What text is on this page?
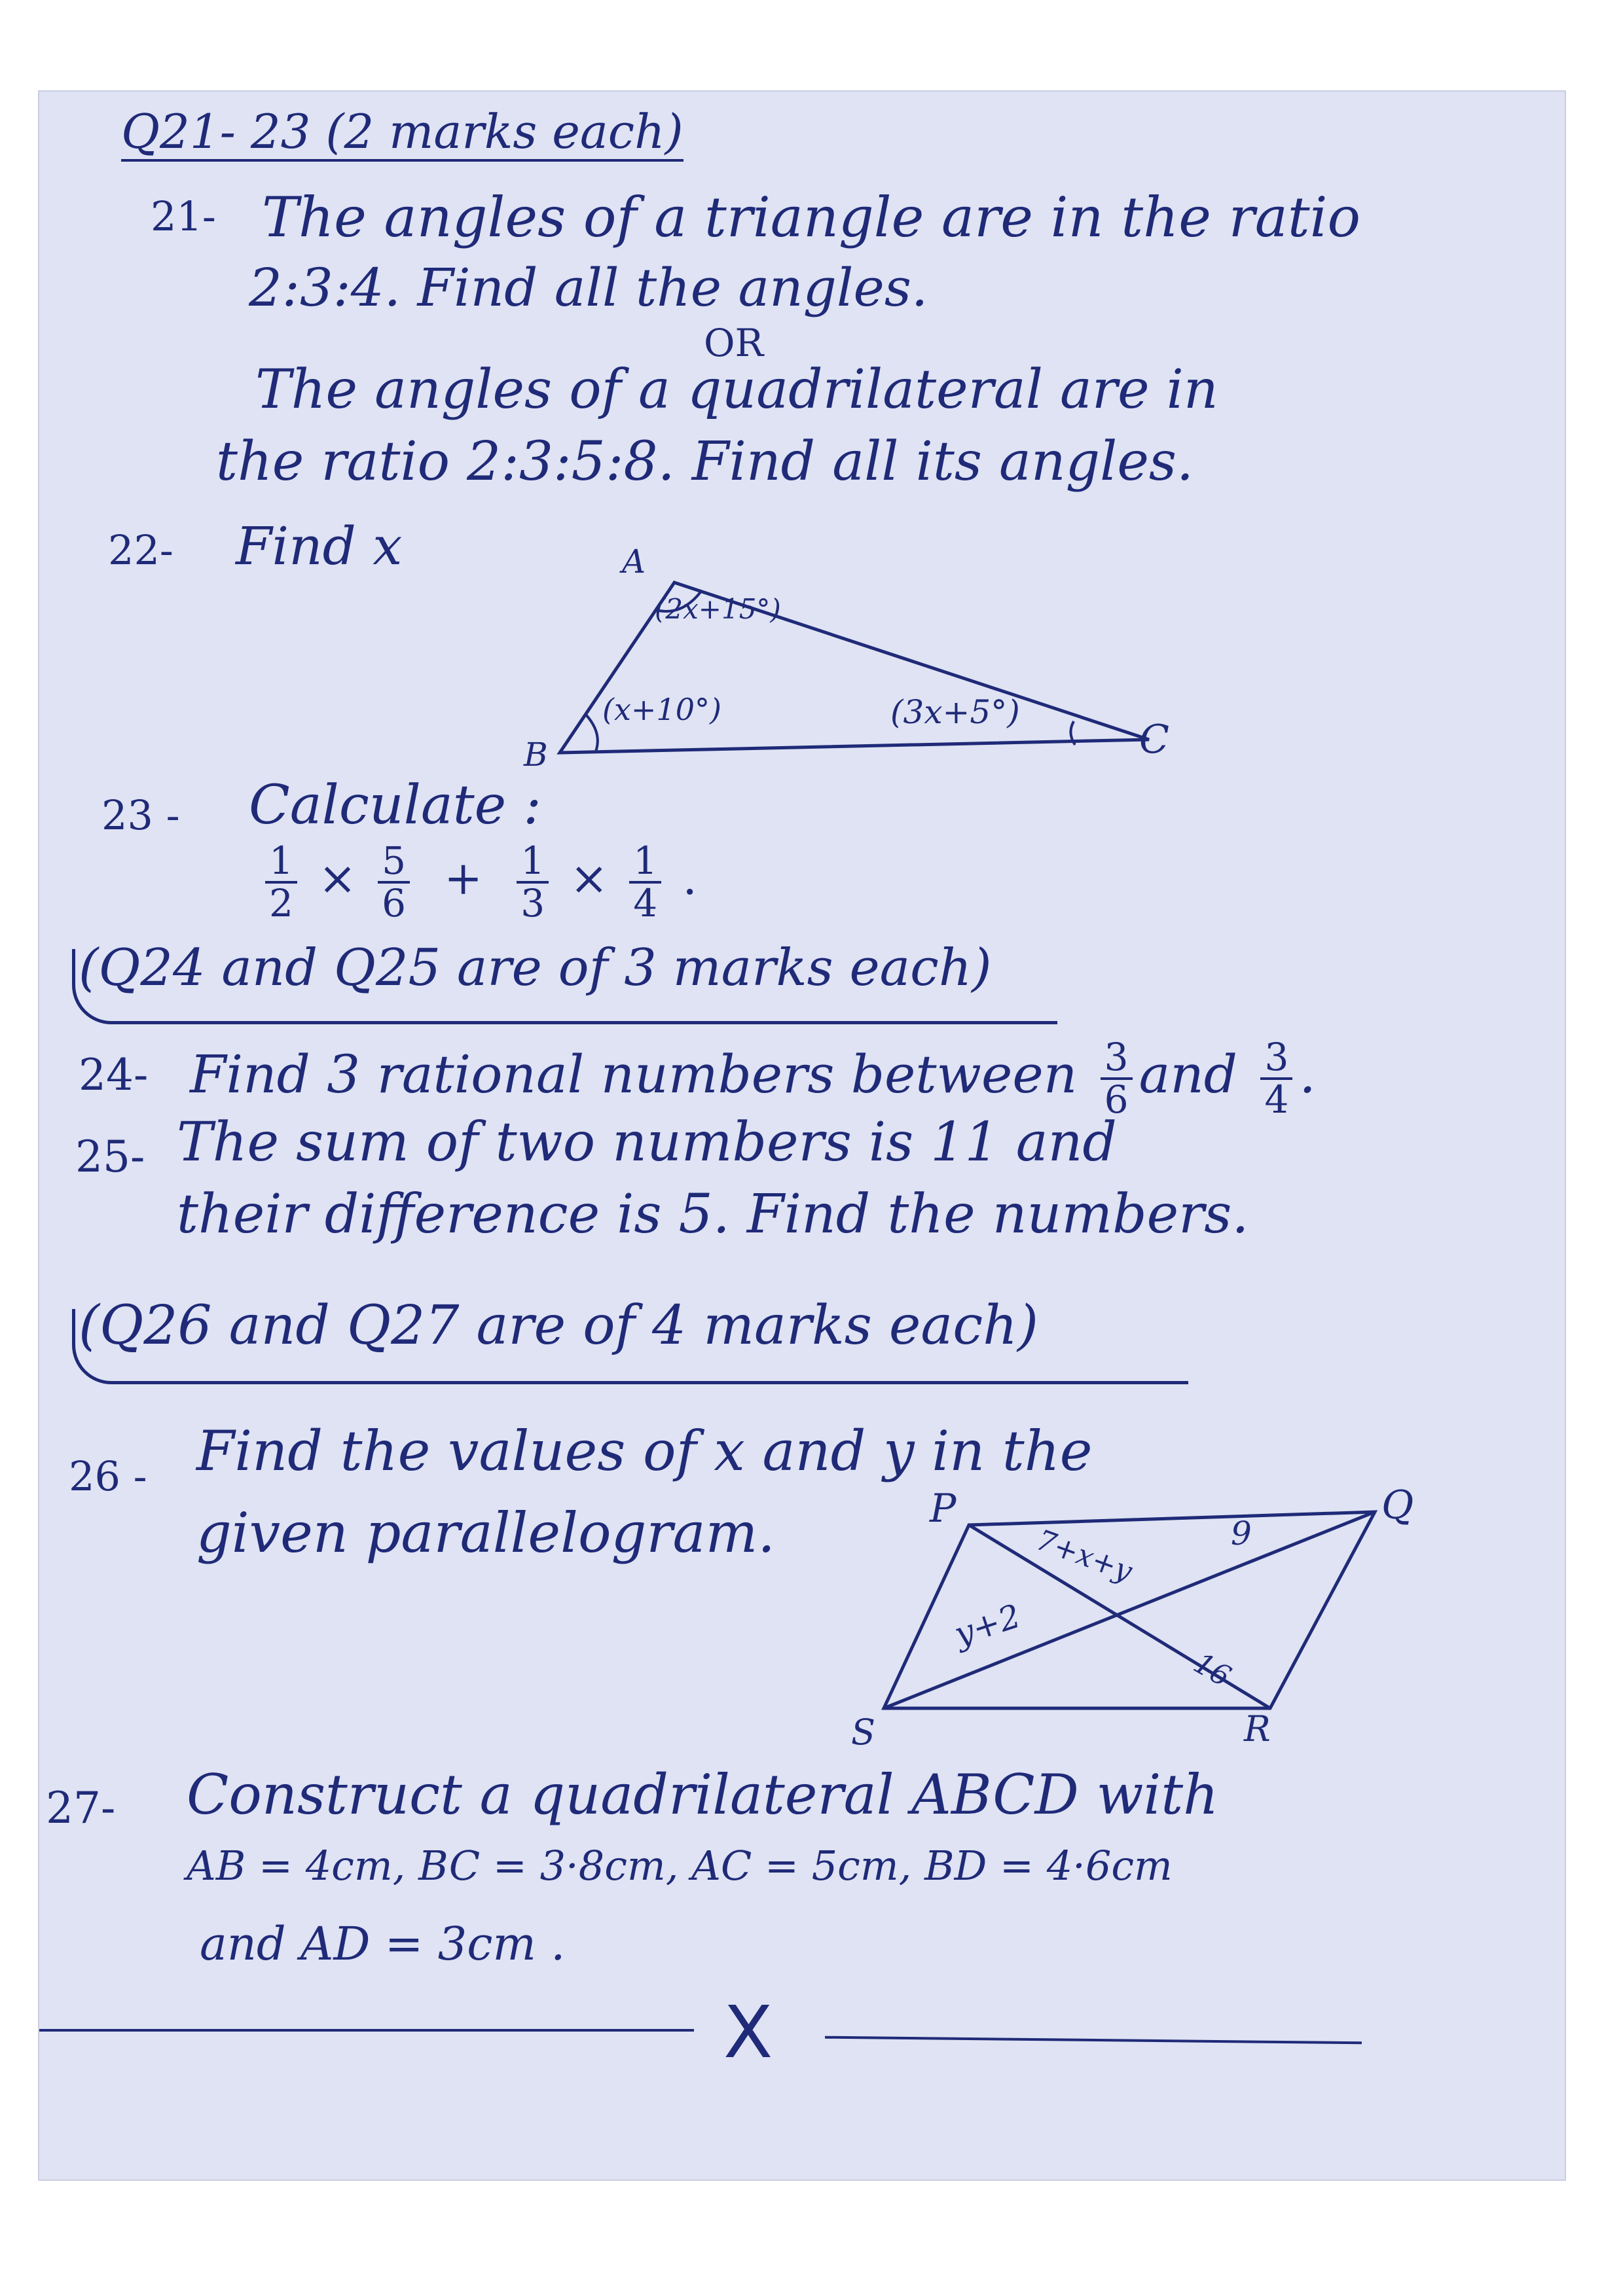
Q21- 23 (2 marks each)
21- The angles of a triangle are in the ratio
2:3:4. Find all the angles.
OR
The angles of a quadrilateral are in
the ratio 2:3:5:8. Find all its angles.
22- Find x	A
B	C
(2x+15°)
(x+10°)	(3x+5°)
23 - Calculate :
$\frac{1}{2} \times \frac{5}{6} + \frac{1}{3} \times \frac{1}{4}$ .
(Q24 and Q25 are of 3 marks each)
24- Find 3 rational numbers between $\frac{3}{6}$ and $\frac{3}{4}$ .
25- The sum of two numbers is 11 and
their difference is 5. Find the numbers.
(Q26 and Q27 are of 4 marks each)
26 - Find the values of x and y in the
given parallelogram.	P	Q
R
S
7+x+y	9
y+2
16
27- Construct a quadrilateral ABCD with
AB = 4cm, BC = 3·8cm, AC = 5cm, BD = 4·6cm
and AD = 3cm .
X
